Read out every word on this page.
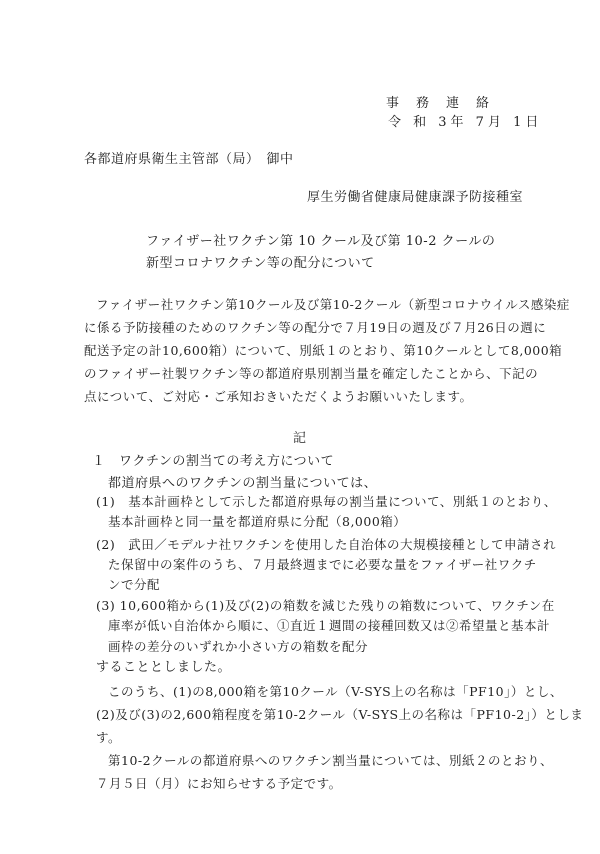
事務連絡
令 和 3年 7月 1日
各都道府県衛生主管部（局）　御中
厚生労働省健康局健康課予防接種室
ファイザー社ワクチン第 10 クール及び第 10-2 クールの
新型コロナワクチン等の配分について
ファイザー社ワクチン第10クール及び第10-2クール（新型コロナウイルス感染症
に係る予防接種のためのワクチン等の配分で７月19日の週及び７月26日の週に
配送予定の計10,600箱）について、別紙１のとおり、第10クールとして8,000箱
のファイザー社製ワクチン等の都道府県別割当量を確定したことから、下記の
点について、ご対応・ご承知おきいただくようお願いいたします。
記
１　ワクチンの割当ての考え方について
都道府県へのワクチンの割当量については、
(1)　基本計画枠として示した都道府県毎の割当量について、別紙１のとおり、
基本計画枠と同一量を都道府県に分配（8,000箱）
(2)　武田／モデルナ社ワクチンを使用した自治体の大規模接種として申請され
た保留中の案件のうち、７月最終週までに必要な量をファイザー社ワクチ
ンで分配
(3) 10,600箱から(1)及び(2)の箱数を減じた残りの箱数について、ワクチン在
庫率が低い自治体から順に、①直近１週間の接種回数又は②希望量と基本計
画枠の差分のいずれか小さい方の箱数を配分
することとしました。
このうち、(1)の8,000箱を第10クール（V-SYS上の名称は「PF10」）とし、
(2)及び(3)の2,600箱程度を第10-2クール（V-SYS上の名称は「PF10-2」）としま
す。
第10-2クールの都道府県へのワクチン割当量については、別紙２のとおり、
７月５日（月）にお知らせする予定です。
